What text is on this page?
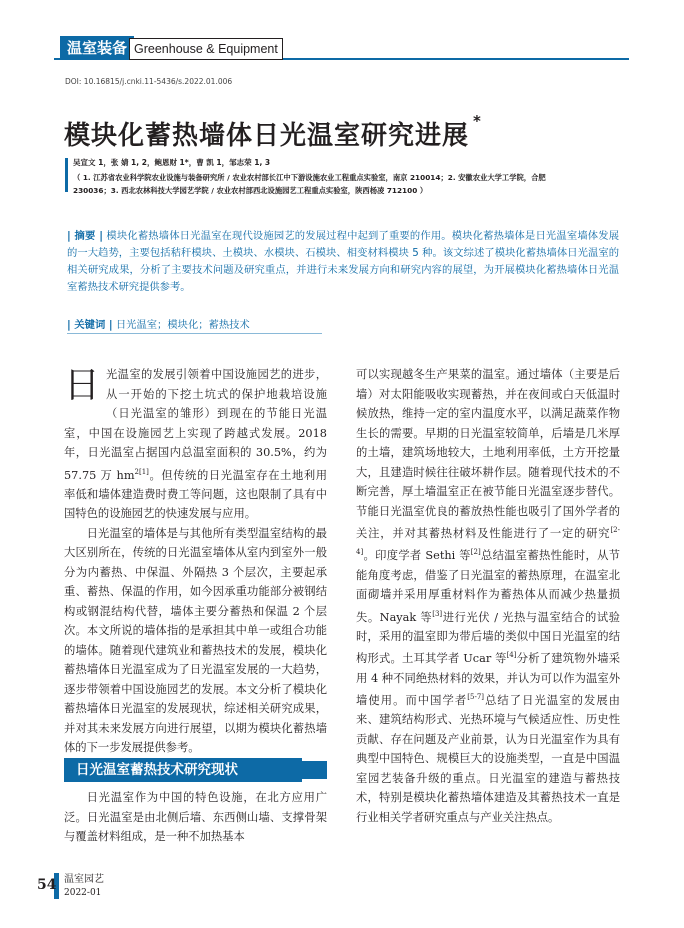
温室装备 Greenhouse & Equipment
DOI: 10.16815/j.cnki.11-5436/s.2022.01.006
模块化蓄热墙体日光温室研究进展 *
吴宣文 1，张 婧 1, 2，鲍恩财 1*，曹 凯 1，邹志荣 1, 3
（ 1. 江苏省农业科学院农业设施与装备研究所 / 农业农村部长江中下游设施农业工程重点实验室，南京 210014；2. 安徽农业大学工学院，合肥
230036；3. 西北农林科技大学园艺学院 / 农业农村部西北设施园艺工程重点实验室，陕西杨凌 712100 ）
| 摘要 | 模块化蓄热墙体日光温室在现代设施园艺的发展过程中起到了重要的作用。模块化蓄热墙体是日光温室墙体发展的一大趋势，主要包括秸秆模块、土模块、水模块、石模块、相变材料模块 5 种。该文综述了模块化蓄热墙体日光温室的相关研究成果，分析了主要技术问题及研究重点，并进行未来发展方向和研究内容的展望，为开展模块化蓄热墙体日光温室蓄热技术研究提供参考。
| 关键词 | 日光温室；模块化；蓄热技术

日光温室的发展引领着中国设施园艺的进步，从一开始的下挖土坑式的保护地栽培设施（日光温室的雏形）到现在的节能日光温室，中国在设施园艺上实现了跨越式发展。2018 年，日光温室占据国内总温室面积的 30.5%，约为 57.75 万 $hm^{2[1]}$。但传统的日光温室存在土地利用率低和墙体建造费时费工等问题，这也限制了具有中国特色的设施园艺的快速发展与应用。

日光温室的墙体是与其他所有类型温室结构的最大区别所在，传统的日光温室墙体从室内到室外一般分为内蓄热、中保温、外隔热 3 个层次，主要起承重、蓄热、保温的作用，如今因承重功能部分被钢结构或钢混结构代替，墙体主要分蓄热和保温 2 个层次。本文所说的墙体指的是承担其中单一或组合功能的墙体。随着现代建筑业和蓄热技术的发展，模块化蓄热墙体日光温室成为了日光温室发展的一大趋势，逐步带领着中国设施园艺的发展。本文分析了模块化蓄热墙体日光温室的发展现状，综述相关研究成果，并对其未来发展方向进行展望，以期为模块化蓄热墙体的下一步发展提供参考。

日光温室蓄热技术研究现状

日光温室作为中国的特色设施，在北方应用广泛。日光温室是由北侧后墙、东西侧山墙、支撑骨架与覆盖材料组成，是一种不加热基本

可以实现越冬生产果菜的温室。通过墙体（主要是后墙）对太阳能吸收实现蓄热，并在夜间或白天低温时候放热，维持一定的室内温度水平，以满足蔬菜作物生长的需要。早期的日光温室较简单，后墙是几米厚的土墙，建筑场地较大，土地利用率低，土方开挖量大，且建造时候往往破坏耕作层。随着现代技术的不断完善，厚土墙温室正在被节能日光温室逐步替代。节能日光温室优良的蓄放热性能也吸引了国外学者的关注，并对其蓄热材料及性能进行了一定的研究[2-4]。印度学者 Sethi 等[2]总结温室蓄热性能时，从节能角度考虑，借鉴了日光温室的蓄热原理，在温室北面砌墙并采用厚重材料作为蓄热体从而减少热量损失。Nayak 等[3]进行光伏 / 光热与温室结合的试验时，采用的温室即为带后墙的类似中国日光温室的结构形式。土耳其学者 Ucar 等[4]分析了建筑物外墙采用 4 种不同绝热材料的效果，并认为可以作为温室外墙使用。而中国学者[5-7]总结了日光温室的发展由来、建筑结构形式、光热环境与气候适应性、历史性贡献、存在问题及产业前景，认为日光温室作为具有典型中国特色、规模巨大的设施类型，一直是中国温室园艺装备升级的重点。日光温室的建造与蓄热技术，特别是模块化蓄热墙体建造及其蓄热技术一直是行业相关学者研究重点与产业关注热点。

54 温室园艺
2022-01
